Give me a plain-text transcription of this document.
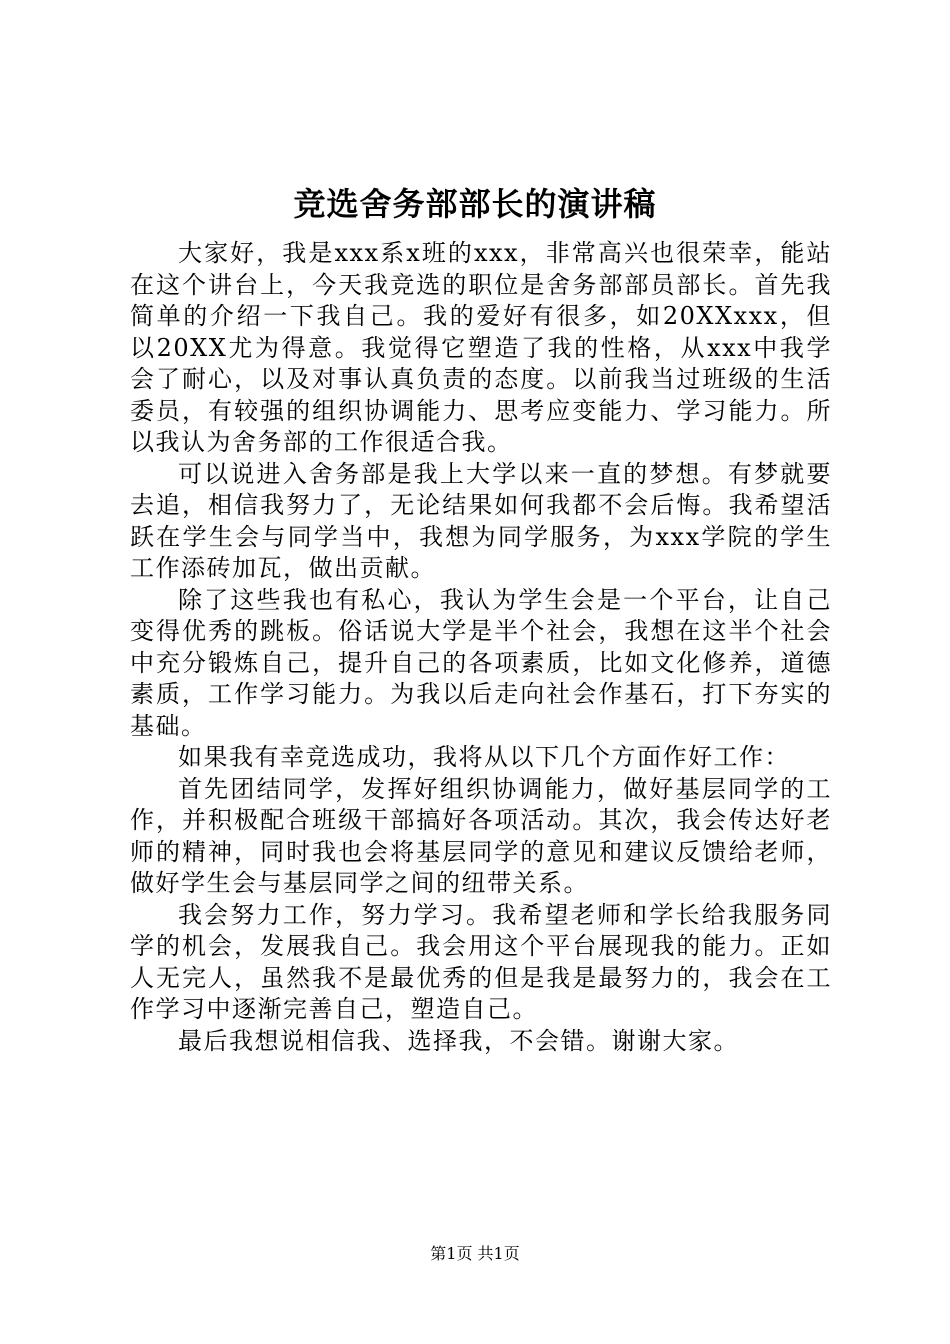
竞选舍务部部长的演讲稿

大家好，我是xxx系x班的xxx，非常高兴也很荣幸，能站在这个讲台上，今天我竞选的职位是舍务部部员部长。首先我简单的介绍一下我自己。我的爱好有很多，如20XXxxx，但以20XX尤为得意。我觉得它塑造了我的性格，从xxx中我学会了耐心，以及对事认真负责的态度。以前我当过班级的生活委员，有较强的组织协调能力、思考应变能力、学习能力。所以我认为舍务部的工作很适合我。

可以说进入舍务部是我上大学以来一直的梦想。有梦就要去追，相信我努力了，无论结果如何我都不会后悔。我希望活跃在学生会与同学当中，我想为同学服务，为xxx学院的学生工作添砖加瓦，做出贡献。

除了这些我也有私心，我认为学生会是一个平台，让自己变得优秀的跳板。俗话说大学是半个社会，我想在这半个社会中充分锻炼自己，提升自己的各项素质，比如文化修养，道德素质，工作学习能力。为我以后走向社会作基石，打下夯实的基础。

如果我有幸竞选成功，我将从以下几个方面作好工作：

首先团结同学，发挥好组织协调能力，做好基层同学的工作，并积极配合班级干部搞好各项活动。其次，我会传达好老师的精神，同时我也会将基层同学的意见和建议反馈给老师，做好学生会与基层同学之间的纽带关系。

我会努力工作，努力学习。我希望老师和学长给我服务同学的机会，发展我自己。我会用这个平台展现我的能力。正如人无完人，虽然我不是最优秀的但是我是最努力的，我会在工作学习中逐渐完善自己，塑造自己。

最后我想说相信我、选择我，不会错。谢谢大家。

第1页 共1页
